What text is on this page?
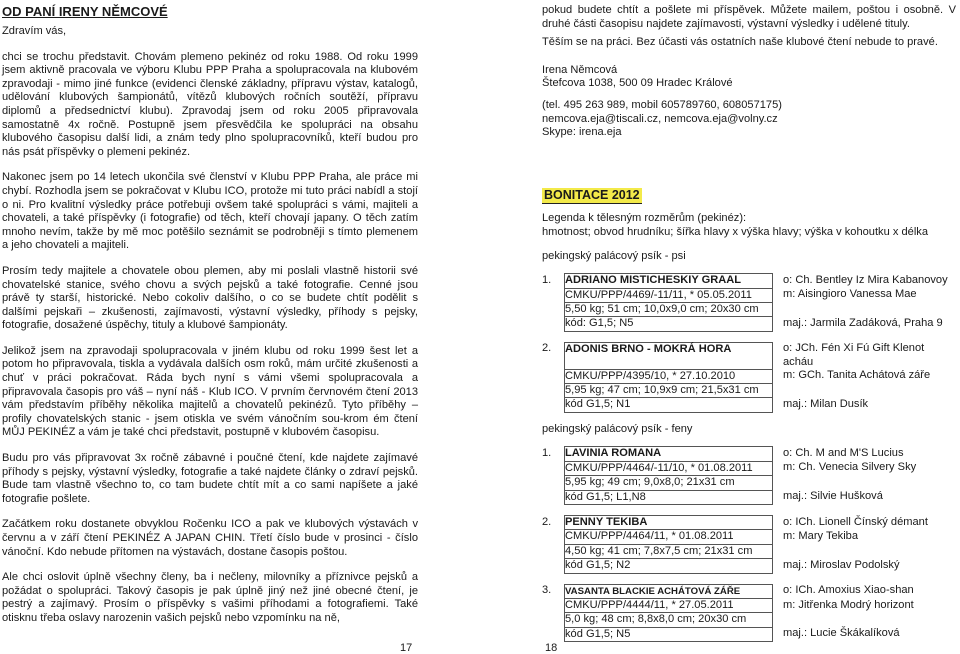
OD PANÍ IRENY NĚMCOVÉ
Zdravím vás,

chci se trochu představit. Chovám plemeno pekinéz od roku 1988. Od roku 1999 jsem aktivně pracovala ve výboru Klubu PPP Praha a spolupracovala na klubovém zpravodaji - mimo jiné funkce (evidenci členské základny, přípravu výstav, katalogů, udělování klubových šampionátů, vítězů klubových ročních soutěží, přípravu diplomů a předsednictví klubu). Zpravodaj jsem od roku 2005 připravovala samostatně 4x ročně. Postupně jsem přesvědčila ke spolupráci na obsahu klubového časopisu další lidi, a znám tedy plno spolupracovníků, kteří budou pro nás psát příspěvky o plemeni pekinéz.

Nakonec jsem po 14 letech ukončila své členství v Klubu PPP Praha, ale práce mi chybí. Rozhodla jsem se pokračovat v Klubu ICO, protože mi tuto práci nabídl a stojí o ni. Pro kvalitní výsledky práce potřebuji ovšem také spolupráci s vámi, majiteli a chovateli, a také příspěvky (i fotografie) od těch, kteří chovají japany. O těch zatím mnoho nevím, takže by mě moc potěšilo seznámit se podrobněji s tímto plemenem a jeho chovateli a majiteli.

Prosím tedy majitele a chovatele obou plemen, aby mi poslali vlastně historii své chovatelské stanice, svého chovu a svých pejsků a také fotografie. Cenné jsou právě ty starší, historické. Nebo cokoliv dalšího, o co se budete chtít podělit s dalšími pejskaři – zkušenosti, zajímavosti, výstavní výsledky, příhody s pejsky, fotografie, dosažené úspěchy, tituly a klubové šampionáty.

Jelikož jsem na zpravodaji spolupracovala v jiném klubu od roku 1999 šest let a potom ho připravovala, tiskla a vydávala dalších osm roků, mám určité zkušenosti a chuť v práci pokračovat. Ráda bych nyní s vámi všemi spolupracovala a připravovala časopis pro váš – nyní náš - Klub ICO. V prvním červnovém čtení 2013 vám představím příběhy několika majitelů a chovatelů pekinézů. Tyto příběhy – profily chovatelských stanic - jsem otiskla ve svém vánočním sou-krom ém čtení MŮJ PEKINÉZ a vám je také chci představit, postupně v klubovém časopisu.

Budu pro vás připravovat 3x ročně zábavné i poučné čtení, kde najdete zajímavé příhody s pejsky, výstavní výsledky, fotografie a také najdete články o zdraví pejsků. Bude tam vlastně všechno to, co tam budete chtít mít a co sami napíšete a jaké fotografie pošlete.

Začátkem roku dostanete obvyklou Ročenku ICO a pak ve klubových výstavách v červnu a v září čtení PEKINÉZ A JAPAN CHIN. Třetí číslo bude v prosinci - číslo vánoční. Kdo nebude přítomen na výstavách, dostane časopis poštou.

Ale chci oslovit úplně všechny členy, ba i nečleny, milovníky a příznivce pejsků a požádat o spolupráci. Takový časopis je pak úplně jiný než jiné obecné čtení, je pestrý a zajímavý. Prosím o příspěvky s vašimi příhodami a fotografiemi. Také otisknu třeba oslavy narozenin vašich pejsků nebo vzpomínku na ně,

pokud budete chtít a pošlete mi příspěvek. Můžete mailem, poštou i osobně. V druhé části časopisu najdete zajímavosti, výstavní výsledky i udělené tituly.

Těším se na práci. Bez účasti vás ostatních naše klubové čtení nebude to pravé.

Irena Němcová
Štefcova 1038, 500 09 Hradec Králové
(tel. 495 263 989, mobil 605789760, 608057175)
nemcova.eja@tiscali.cz, nemcova.eja@volny.cz
Skype: irena.eja
BONITACE 2012
Legenda k tělesným rozměrům (pekinéz):
hmotnost; obvod hrudníku; šířka hlavy x výška hlavy; výška v kohoutku x délka
pekingský palácový psík - psi
1.	ADRIANO MISTICHESKIY GRAAL	o: Ch. Bentley Iz Mira Kabanovoy
	CMKU/PPP/4469/-11/11, * 05.05.2011	m: Aisingioro Vanessa Mae
	5,50 kg; 51 cm; 10,0x9,0 cm; 20x30 cm	
	kód: G1,5; N5	maj.: Jarmila Zadáková, Praha 9

2.	ADONIS BRNO - MOKRÁ HORA	o: JCh. Fén Xi Fú Gift Klenot acháu
	CMKU/PPP/4395/10, * 27.10.2010	m: GCh. Tanita Achátová záře
	5,95 kg; 47 cm; 10,9x9 cm; 21,5x31 cm	
	kód G1,5; N1	maj.: Milan Dusík
pekingský palácový psík - feny
1.	LAVINIA ROMANA	o: Ch. M and M'S Lucius
	CMKU/PPP/4464/-11/10, * 01.08.2011	m: Ch. Venecia Silvery Sky
	5,95 kg; 49 cm; 9,0x8,0; 21x31 cm	
	kód G1,5; L1,N8	maj.: Silvie Hušková

2.	PENNY TEKIBA	o: ICh. Lionell Čínský démant
	CMKU/PPP/4464/11, * 01.08.2011	m: Mary Tekiba
	4,50 kg; 41 cm; 7,8x7,5 cm; 21x31 cm	
	kód G1,5; N2	maj.: Miroslav Podolský

3.	VASANTA BLACKIE ACHÁTOVÁ ZÁŘE	o: ICh. Amoxius Xiao-shan
	CMKU/PPP/4444/11, * 27.05.2011	m: Jitřenka Modrý horizont
	5,0 kg; 48 cm; 8,8x8,0 cm; 20x30 cm	
	kód G1,5; N5	maj.: Lucie Škákalíková
17	18
